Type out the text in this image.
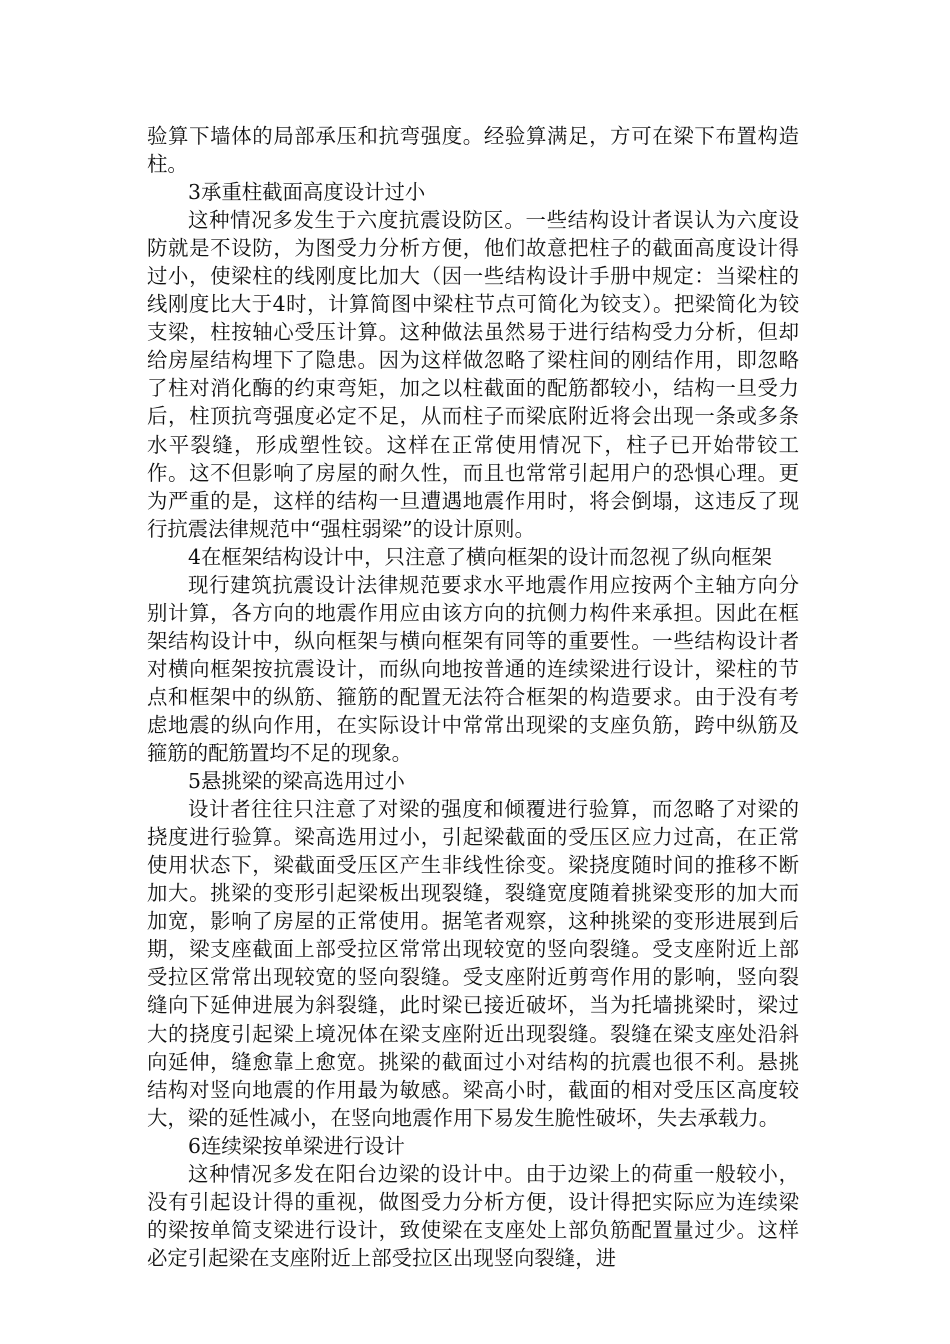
验算下墙体的局部承压和抗弯强度。经验算满足，方可在梁下布置构造柱。

3承重柱截面高度设计过小

这种情况多发生于六度抗震设防区。一些结构设计者误认为六度设防就是不设防，为图受力分析方便，他们故意把柱子的截面高度设计得过小，使梁柱的线刚度比加大（因一些结构设计手册中规定：当梁柱的线刚度比大于4时，计算简图中梁柱节点可简化为铰支）。把梁简化为铰支梁，柱按轴心受压计算。这种做法虽然易于进行结构受力分析，但却给房屋结构埋下了隐患。因为这样做忽略了梁柱间的刚结作用，即忽略了柱对消化酶的约束弯矩，加之以柱截面的配筋都较小，结构一旦受力后，柱顶抗弯强度必定不足，从而柱子而梁底附近将会出现一条或多条水平裂缝，形成塑性铰。这样在正常使用情况下，柱子已开始带铰工作。这不但影响了房屋的耐久性，而且也常常引起用户的恐惧心理。更为严重的是，这样的结构一旦遭遇地震作用时，将会倒塌，这违反了现行抗震法律规范中“强柱弱梁”的设计原则。

4在框架结构设计中，只注意了横向框架的设计而忽视了纵向框架

现行建筑抗震设计法律规范要求水平地震作用应按两个主轴方向分别计算，各方向的地震作用应由该方向的抗侧力构件来承担。因此在框架结构设计中，纵向框架与横向框架有同等的重要性。一些结构设计者对横向框架按抗震设计，而纵向地按普通的连续梁进行设计，梁柱的节点和框架中的纵筋、箍筋的配置无法符合框架的构造要求。由于没有考虑地震的纵向作用，在实际设计中常常出现梁的支座负筋，跨中纵筋及箍筋的配筋置均不足的现象。

5悬挑梁的梁高选用过小

设计者往往只注意了对梁的强度和倾覆进行验算，而忽略了对梁的挠度进行验算。梁高选用过小，引起梁截面的受压区应力过高，在正常使用状态下，梁截面受压区产生非线性徐变。梁挠度随时间的推移不断加大。挑梁的变形引起梁板出现裂缝，裂缝宽度随着挑梁变形的加大而加宽，影响了房屋的正常使用。据笔者观察，这种挑梁的变形进展到后期，梁支座截面上部受拉区常常出现较宽的竖向裂缝。受支座附近上部受拉区常常出现较宽的竖向裂缝。受支座附近剪弯作用的影响，竖向裂缝向下延伸进展为斜裂缝，此时梁已接近破坏，当为托墙挑梁时，梁过大的挠度引起梁上境况体在梁支座附近出现裂缝。裂缝在梁支座处沿斜向延伸，缝愈靠上愈宽。挑梁的截面过小对结构的抗震也很不利。悬挑结构对竖向地震的作用最为敏感。梁高小时，截面的相对受压区高度较大，梁的延性减小，在竖向地震作用下易发生脆性破坏，失去承载力。

6连续梁按单梁进行设计

这种情况多发在阳台边梁的设计中。由于边梁上的荷重一般较小，没有引起设计得的重视，做图受力分析方便，设计得把实际应为连续梁的梁按单简支梁进行设计，致使梁在支座处上部负筋配置量过少。这样必定引起梁在支座附近上部受拉区出现竖向裂缝，进
